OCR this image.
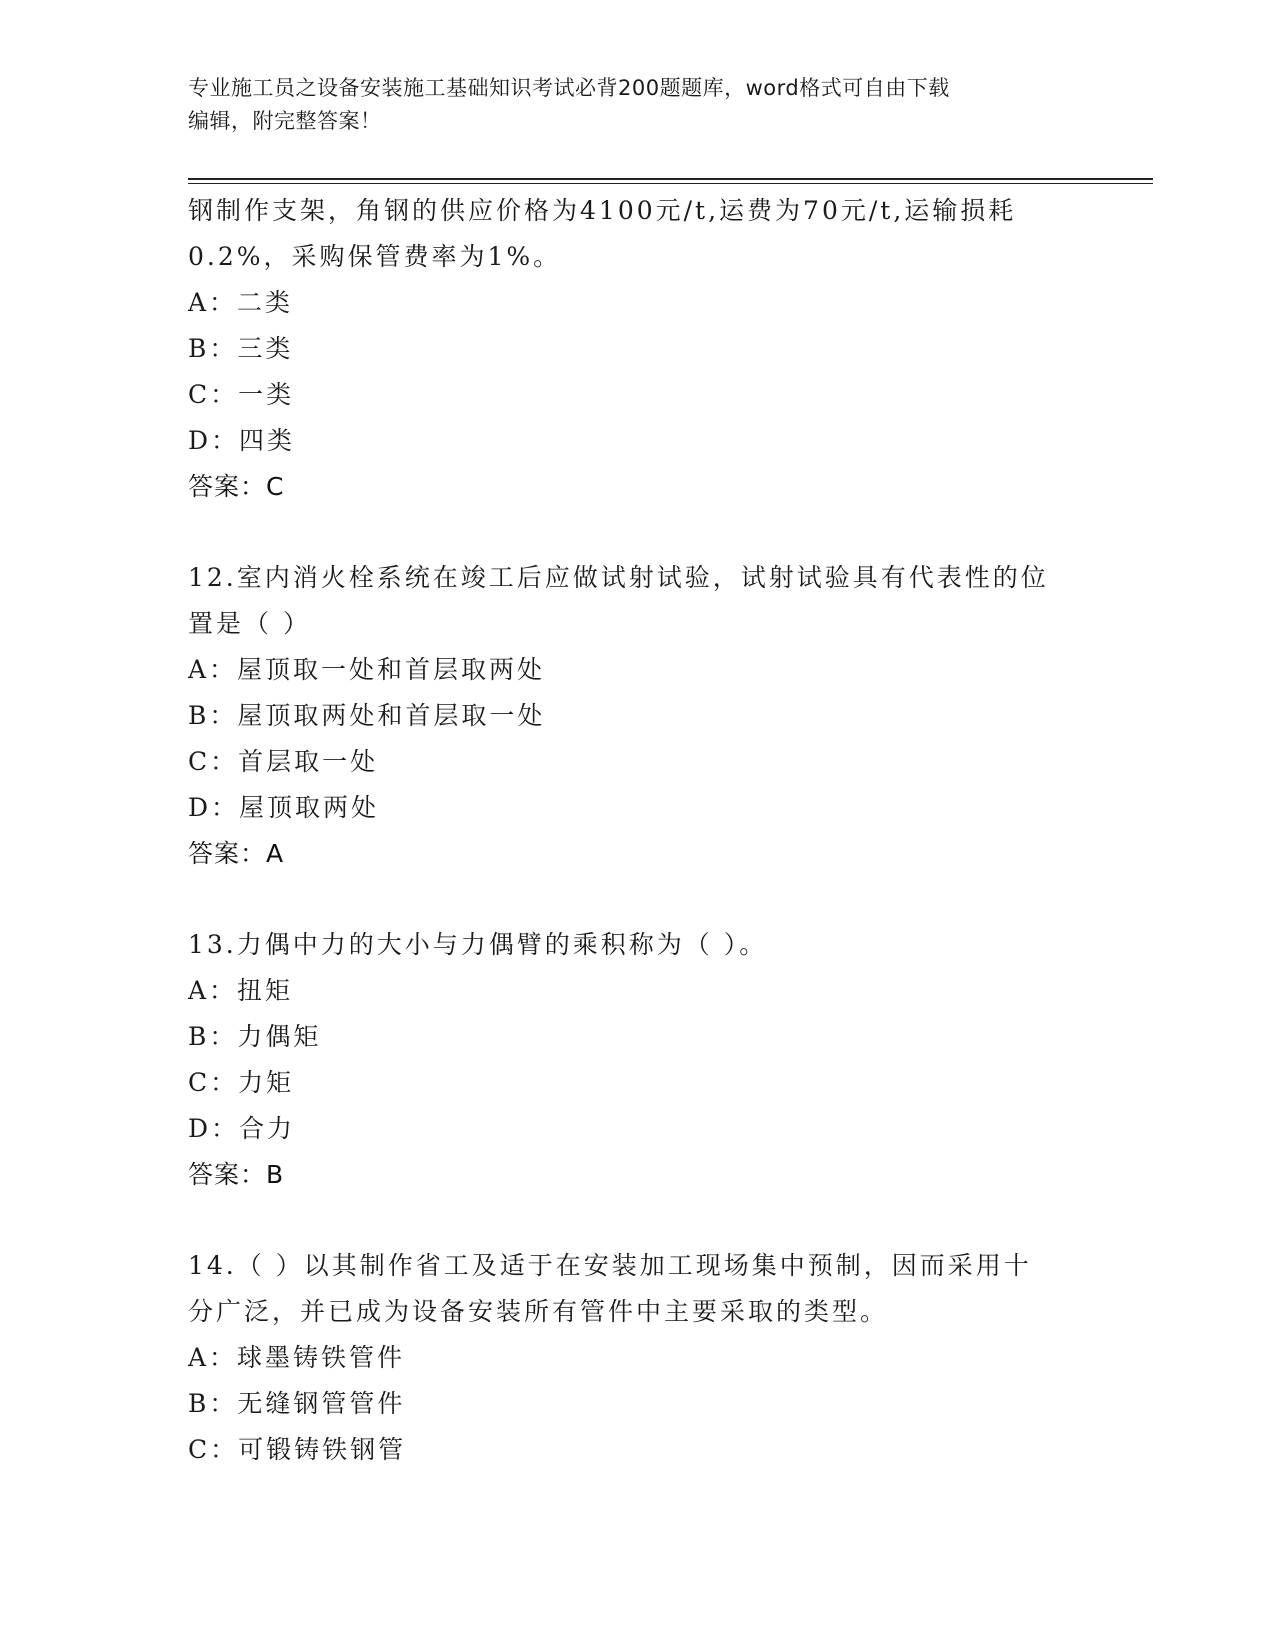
专业施工员之设备安装施工基础知识考试必背200题题库，word格式可自由下载
编辑，附完整答案！
钢制作支架，角钢的供应价格为4100元/t,运费为70元/t,运输损耗
0.2%，采购保管费率为1%。
A：二类
B：三类
C：一类
D：四类
答案：C
12.室内消火栓系统在竣工后应做试射试验，试射试验具有代表性的位
置是（ ）
A：屋顶取一处和首层取两处
B：屋顶取两处和首层取一处
C：首层取一处
D：屋顶取两处
答案：A
13.力偶中力的大小与力偶臂的乘积称为（ ）。
A：扭矩
B：力偶矩
C：力矩
D：合力
答案：B
14.（ ）以其制作省工及适于在安装加工现场集中预制，因而采用十
分广泛，并已成为设备安装所有管件中主要采取的类型。
A：球墨铸铁管件
B：无缝钢管管件
C：可锻铸铁钢管
